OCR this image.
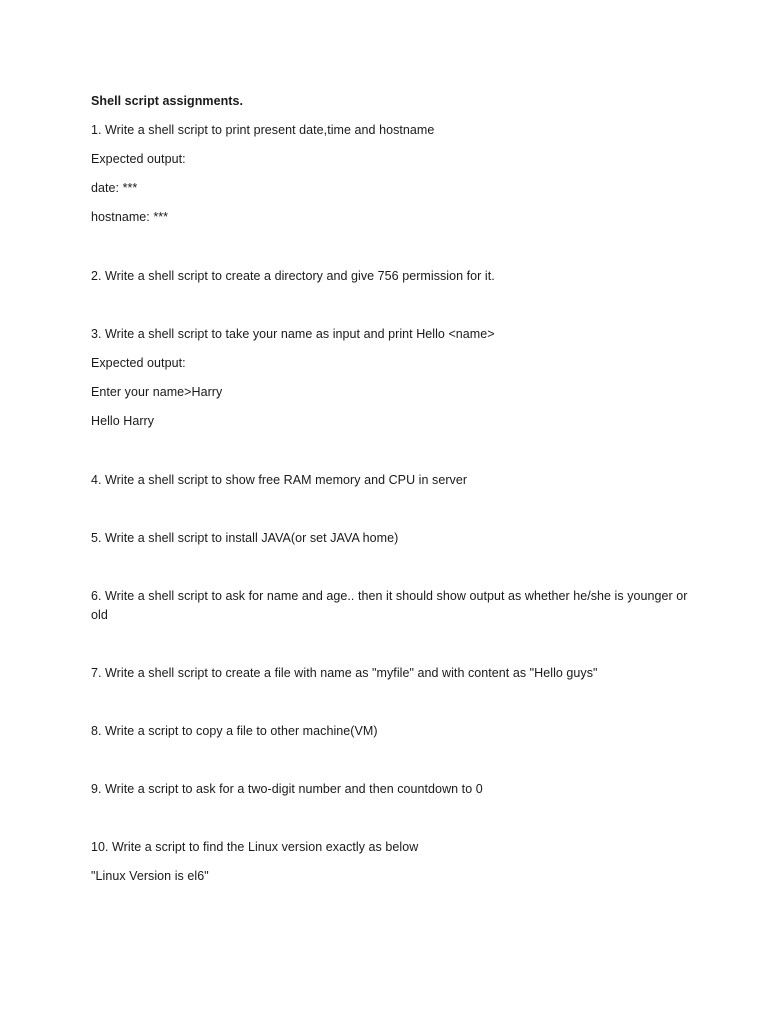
Shell script assignments.
1. Write a shell script to print present date,time and hostname
Expected output:
date: ***
hostname: ***
2. Write a shell script to create a directory and give 756 permission for it.
3. Write a shell script to take your name as input and print Hello <name>
Expected output:
Enter your name>Harry
Hello Harry
4. Write a shell script to show free RAM memory and CPU in server
5. Write a shell script to install JAVA(or set JAVA home)
6. Write a shell script to ask for name and age.. then it should show output as whether he/she is younger or old
7. Write a shell script to create a file with name as "myfile" and with content as "Hello guys"
8. Write a script to copy a file to other machine(VM)
9. Write a script to ask for a two-digit number and then countdown to 0
10. Write a script to find the Linux version exactly as below
"Linux Version is el6"
